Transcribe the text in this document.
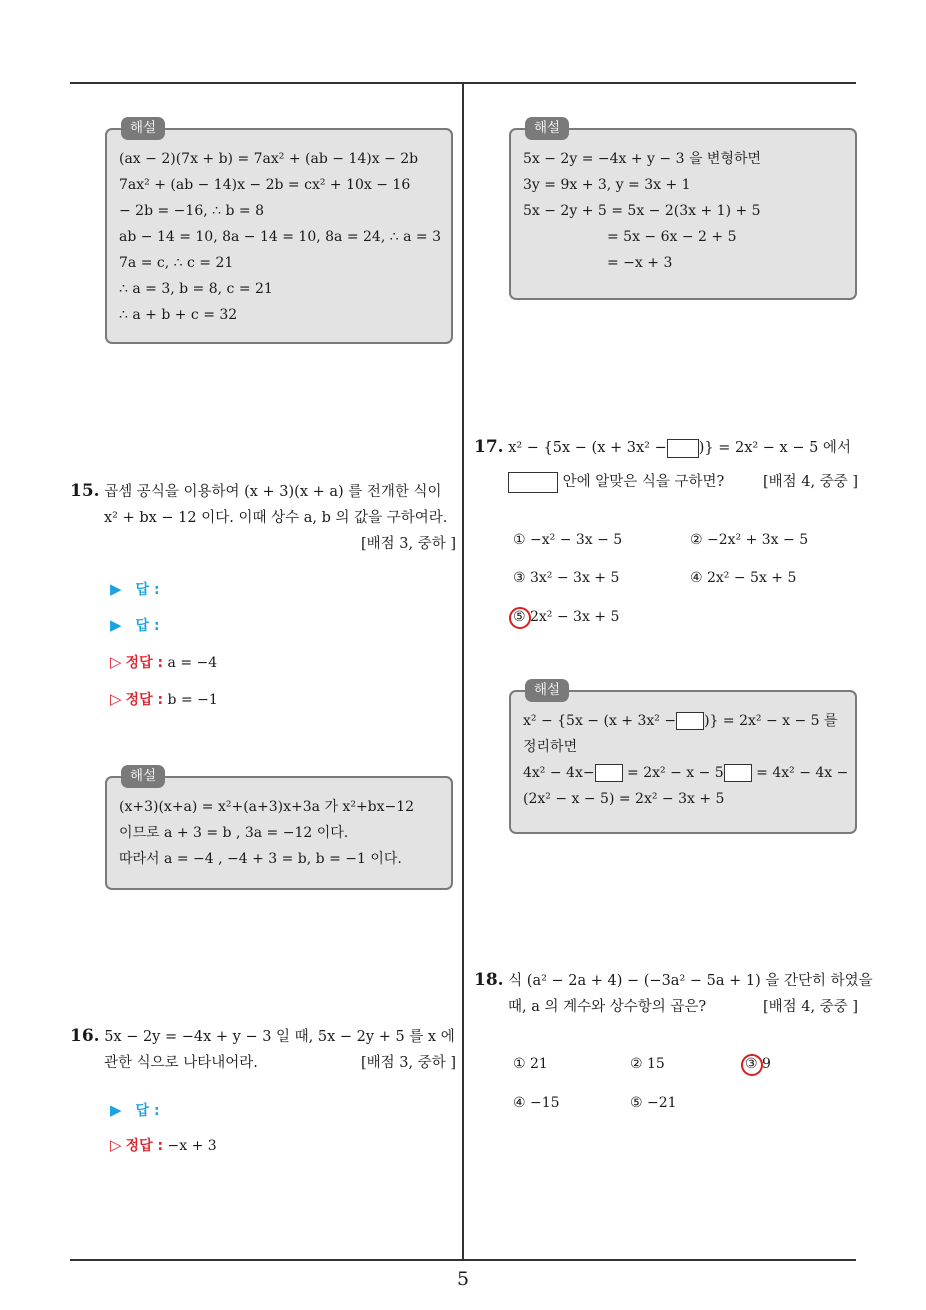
해설
(ax − 2)(7x + b) = 7ax² + (ab − 14)x − 2b
7ax² + (ab − 14)x − 2b = cx² + 10x − 16
− 2b = −16, ∴ b = 8
ab − 14 = 10, 8a − 14 = 10, 8a = 24, ∴ a = 3
7a = c, ∴ c = 21
∴ a = 3, b = 8, c = 21
∴ a + b + c = 32
15. 곱셈 공식을 이용하여 (x + 3)(x + a) 를 전개한 식이
x² + bx − 12 이다. 이때 상수 a, b 의 값을 구하여라.
[배점 3, 중하 ]
▶ 답 :
▶ 답 :
▷ 정답 : a = −4
▷ 정답 : b = −1
해설
(x+3)(x+a) = x²+(a+3)x+3a 가 x²+bx−12
이므로 a + 3 = b , 3a = −12 이다.
따라서 a = −4 , −4 + 3 = b, b = −1 이다.
16. 5x − 2y = −4x + y − 3 일 때, 5x − 2y + 5 를 x 에
관한 식으로 나타내어라.	[배점 3, 중하 ]
▶ 답 :
▷ 정답 : −x + 3
해설
5x − 2y = −4x + y − 3 을 변형하면
3y = 9x + 3, y = 3x + 1
5x − 2y + 5 = 5x − 2(3x + 1) + 5
= 5x − 6x − 2 + 5
= −x + 3
17. x² − {5x − (x + 3x² − )} = 2x² − x − 5 에서
안에 알맞은 식을 구하면?	[배점 4, 중중 ]
① −x² − 3x − 5	② −2x² + 3x − 5
③ 3x² − 3x + 5	④ 2x² − 5x + 5
⑤ 2x² − 3x + 5
해설
x² − {5x − (x + 3x² − )} = 2x² − x − 5 를
정리하면
4x² − 4x− = 2x² − x − 5 = 4x² − 4x −
(2x² − x − 5) = 2x² − 3x + 5
18. 식 (a² − 2a + 4) − (−3a² − 5a + 1) 을 간단히 하였을
때, a 의 계수와 상수항의 곱은?	[배점 4, 중중 ]
① 21	② 15	③ 9
④ −15	⑤ −21
5
